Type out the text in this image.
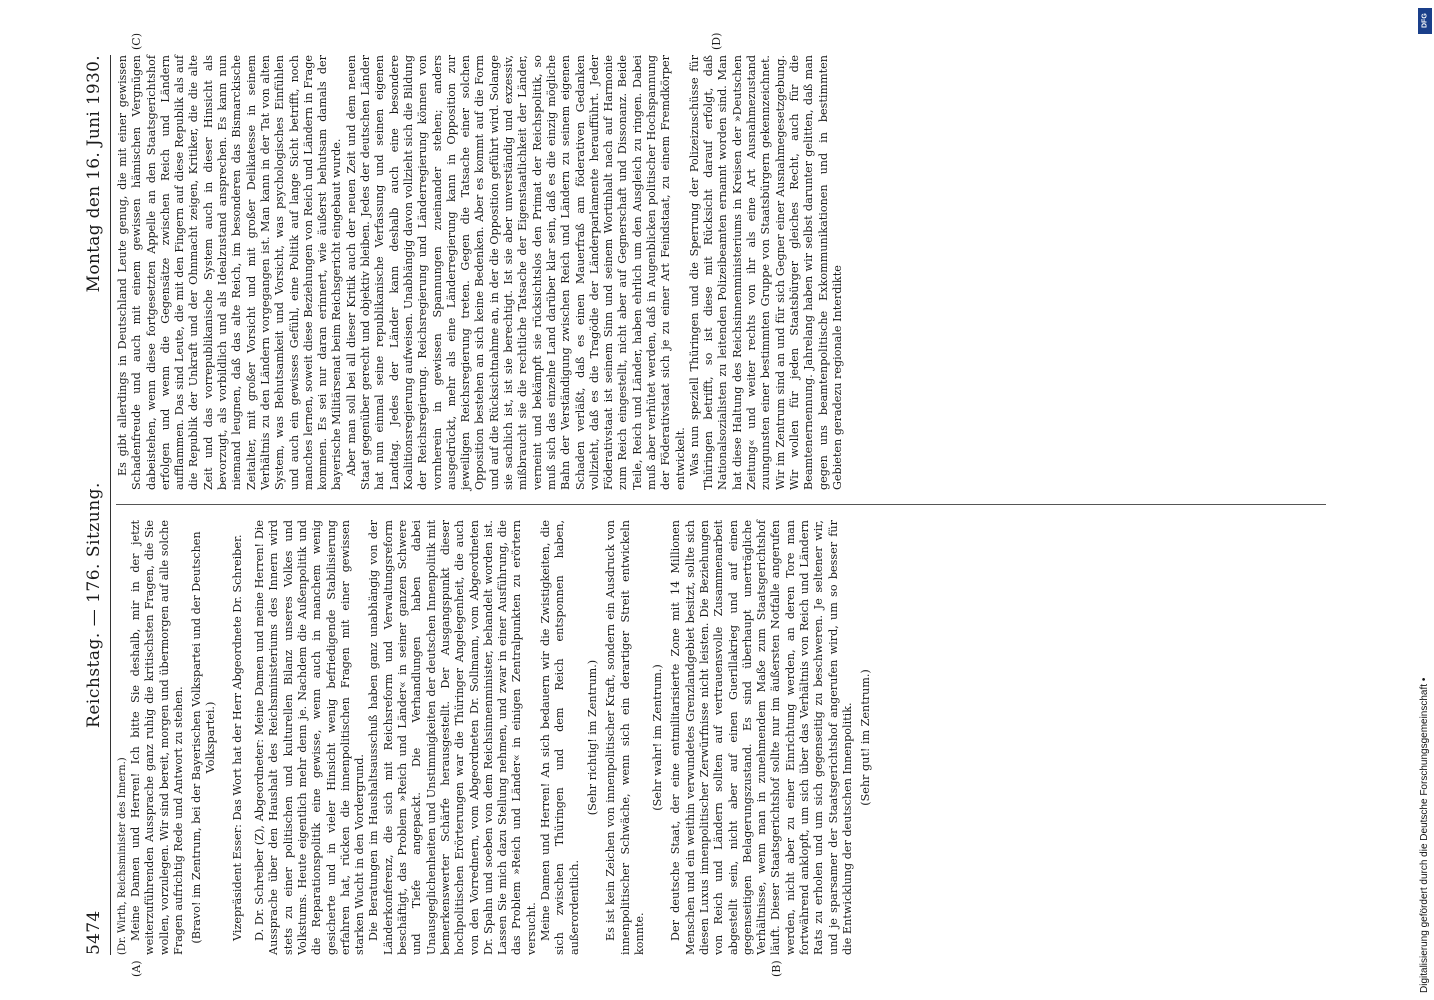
5474
Reichstag. — 176. Sitzung.
Montag den 16. Juni 1930.
(A)	(B)
(C)	(D)

(Dr. Wirth, Reichsminister des Innern.) Meine Damen und Herren! Ich bitte Sie deshalb, mir in der jetzt weiterzuführenden Aussprache ganz ruhig die kritischsten Fragen, die Sie wollen, vorzulegen. Wir sind bereit, morgen und übermorgen auf alle solche Fragen aufrichtig Rede und Antwort zu stehen. (Bravo! im Zentrum, bei der Bayerischen Volkspartei und der Deutschen Volkspartei.) Vizepräsident Esser: Das Wort hat der Herr Abgeordnete Dr. Schreiber. D. Dr. Schreiber (Z), Abgeordneter: Meine Damen und meine Herren! Die Aussprache über den Haushalt des Reichsministeriums des Innern wird stets zu einer politischen und kulturellen Bilanz unseres Volkes und Volkstums. Heute eigentlich mehr denn je. Nachdem die Außenpolitik und die Reparationspolitik eine gewisse, wenn auch in manchem wenig gesicherte und in vieler Hinsicht wenig befriedigende Stabilisierung erfahren hat, rücken die innenpolitischen Fragen mit einer gewissen starken Wucht in den Vordergrund. Die Beratungen im Haushaltsausschuß haben ganz unabhängig von der Länderkonferenz, die sich mit Reichsreform und Verwaltungsreform beschäftigt, das Problem »Reich und Länder« in seiner ganzen Schwere und Tiefe angepackt. Die Verhandlungen haben dabei Unausgeglichenheiten und Unstimmigkeiten der deutschen Innenpolitik mit bemerkenswerter Schärfe herausgestellt. Der Ausgangspunkt dieser hochpolitischen Erörterungen war die Thüringer Angelegenheit, die auch von den Vorrednern, vom Abgeordneten Dr. Sollmann, vom Abgeordneten Dr. Spahn und soeben von dem Reichsinnenminister, behandelt worden ist. Lassen Sie mich dazu Stellung nehmen, und zwar in einer Ausführung, die das Problem »Reich und Länder« in einigen Zentralpunkten zu erörtern versucht. Meine Damen und Herren! An sich bedauern wir die Zwistigkeiten, die sich zwischen Thüringen und dem Reich entsponnen haben, außerordentlich.

(Sehr richtig! im Zentrum.) Es ist kein Zeichen von innenpolitischer Kraft, sondern ein Ausdruck von innenpolitischer Schwäche, wenn sich ein derartiger Streit entwickeln konnte.

(Sehr wahr! im Zentrum.) Der deutsche Staat, der eine entmilitarisierte Zone mit 14 Millionen Menschen und ein weithin verwundetes Grenzlandgebiet besitzt, sollte sich diesen Luxus innenpolitischer Zerwürfnisse nicht leisten. Die Beziehungen von Reich und Ländern sollten auf vertrauensvolle Zusammenarbeit abgestellt sein, nicht aber auf einen Guerillakrieg und auf einen gegenseitigen Belagerungszustand. Es sind überhaupt unerträgliche Verhältnisse, wenn man in zunehmendem Maße zum Staatsgerichtshof läuft. Dieser Staatsgerichtshof sollte nur im äußersten Notfalle angerufen werden, nicht aber zu einer Einrichtung werden, an deren Tore man fortwährend anklopft, um sich über das Verhältnis von Reich und Ländern Rats zu erholen und um sich gegenseitig zu beschweren. Je seltener wir, und je sparsamer der Staatsgerichtshof angerufen wird, um so besser für die Entwicklung der deutschen Innenpolitik. (Sehr gut! im Zentrum.)

Es gibt allerdings in Deutschland Leute genug, die mit einer gewissen Schadenfreude und auch mit einem gewissen hämischen Vergnügen dabeistehen, wenn diese fortgesetzten Appelle an den Staatsgerichtshof erfolgen und wenn die Gegensätze zwischen Reich und Ländern aufflammen. Das sind Leute, die mit den Fingern auf diese Republik als auf die Republik der Unkraft und der Ohnmacht zeigen, Kritiker, die die alte Zeit und das vorrepublikanische System auch in dieser Hinsicht als bevorzugt, als vorbildlich und als Idealzustand ansprechen. Es kann nun niemand leugnen, daß das alte Reich, im besonderen das Bismarckische Zeitalter, mit großer Vorsicht und mit großer Delikatesse in seinem Verhältnis zu den Ländern vorgegangen ist. Man kann in der Tat von alten System, was Behutsamkeit und Vorsicht, was psychologisches Einfühlen und auch ein gewisses Gefühl, eine Politik auf lange Sicht betrifft, noch manches lernen, soweit diese Beziehungen von Reich und Ländern in Frage kommen. Es sei nur daran erinnert, wie äußerst behutsam damals der bayerische Militärsenat beim Reichsgericht eingebaut wurde. Aber man soll bei all dieser Kritik auch der neuen Zeit und dem neuen Staat gegenüber gerecht und objektiv bleiben. Jedes der deutschen Länder hat nun einmal seine republikanische Verfassung und seinen eigenen Landtag. Jedes der Länder kann deshalb auch eine besondere Koalitionsregierung aufweisen. Unabhängig davon vollzieht sich die Bildung der Reichsregierung. Reichsregierung und Länderregierung können von vornherein in gewissen Spannungen zueinander stehen; anders ausgedrückt, mehr als eine Länderregierung kann in Opposition zur jeweiligen Reichsregierung treten. Gegen die Tatsache einer solchen Opposition bestehen an sich keine Bedenken. Aber es kommt auf die Form und auf die Rücksichtnahme an, in der die Opposition geführt wird. Solange sie sachlich ist, ist sie berechtigt. Ist sie aber unverständig und exzessiv, mißbraucht sie die rechtliche Tatsache der Eigenstaatlichkeit der Länder, verneint und bekämpft sie rücksichtslos den Primat der Reichspolitik, so muß sich das einzelne Land darüber klar sein, daß es die einzig mögliche Bahn der Verständigung zwischen Reich und Ländern zu seinem eigenen Schaden verläßt, daß es einen Mauerfraß am föderativen Gedanken vollzieht, daß es die Tragödie der Länderparlamente heraufführt. Jeder Föderativstaat ist seinem Sinn und seinem Wortinhalt nach auf Harmonie zum Reich eingestellt, nicht aber auf Gegnerschaft und Dissonanz. Beide Teile, Reich und Länder, haben ehrlich um den Ausgleich zu ringen. Dabei muß aber verhütet werden, daß in Augenblicken politischer Hochspannung der Föderativstaat sich je zu einer Art Feindstaat, zu einem Fremdkörper entwickelt. Was nun speziell Thüringen und die Sperrung der Polizeizuschüsse für Thüringen betrifft, so ist diese mit Rücksicht darauf erfolgt, daß Nationalsozialisten zu leitenden Polizeibeamten ernannt worden sind. Man hat diese Haltung des Reichsinnenministeriums in Kreisen der »Deutschen Zeitung« und weiter rechts von ihr als eine Art Ausnahmezustand zuungunsten einer bestimmten Gruppe von Staatsbürgern gekennzeichnet. Wir im Zentrum sind an und für sich Gegner einer Ausnahmegesetzgebung. Wir wollen für jeden Staatsbürger gleiches Recht, auch für die Beamtenernennung. Jahrelang haben wir selbst darunter gelitten, daß man gegen uns beamtenpolitische Exkommunikationen und in bestimmten Gebieten geradezu regionale Interdikte

Digitalisierung gefördert durch die Deutsche Forschungsgemeinschaft •
DFG
